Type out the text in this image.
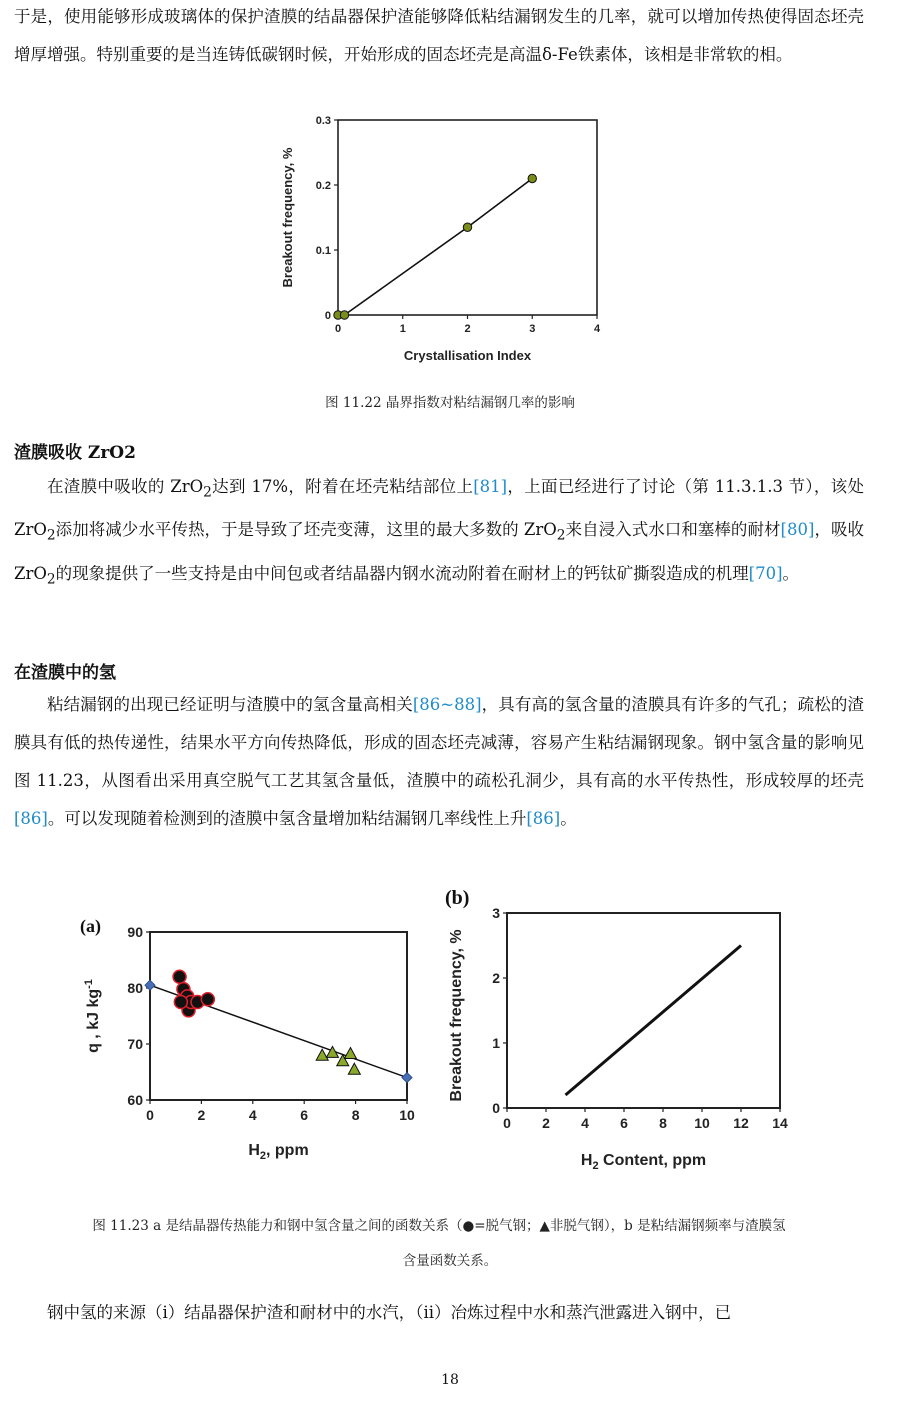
于是，使用能够形成玻璃体的保护渣膜的结晶器保护渣能够降低粘结漏钢发生的几率，就可以增加传热使得固态坯壳增厚增强。特别重要的是当连铸低碳钢时候，开始形成的固态坯壳是高温δ-Fe铁素体，该相是非常软的相。

0	1	2	3	4
0
0.1
0.2
0.3
Crystallisation Index
Breakout frequency, %

图 11.22 晶界指数对粘结漏钢几率的影响

渣膜吸收 ZrO2

在渣膜中吸收的 ZrO$_2$达到 17%，附着在坯壳粘结部位上[81]，上面已经进行了讨论（第 11.3.1.3 节），该处 ZrO$_2$添加将减少水平传热，于是导致了坯壳变薄，这里的最大多数的 ZrO$_2$来自浸入式水口和塞棒的耐材[80]，吸收 ZrO$_2$的现象提供了一些支持是由中间包或者结晶器内钢水流动附着在耐材上的钙钛矿撕裂造成的机理[70]。

在渣膜中的氢

粘结漏钢的出现已经证明与渣膜中的氢含量高相关[86~88]，具有高的氢含量的渣膜具有许多的气孔；疏松的渣膜具有低的热传递性，结果水平方向传热降低，形成的固态坯壳减薄，容易产生粘结漏钢现象。钢中氢含量的影响见图 11.23，从图看出采用真空脱气工艺其氢含量低，渣膜中的疏松孔洞少，具有高的水平传热性，形成较厚的坯壳[86]。可以发现随着检测到的渣膜中氢含量增加粘结漏钢几率线性上升[86]。

(a)
0	2	4	6	8	10
60
70
80
90
$H_2$, ppm
q , kJ $kg^{-1}$
(b)
0 2 4 6 8 10 12 14
0
1
2
3
$H_2$ Content, ppm
Breakout frequency, %

图 11.23 a 是结晶器传热能力和钢中氢含量之间的函数关系（●=脱气钢；▲非脱气钢），b 是粘结漏钢频率与渣膜氢

含量函数关系。

钢中氢的来源（i）结晶器保护渣和耐材中的水汽，（ii）冶炼过程中水和蒸汽泄露进入钢中，已

18
